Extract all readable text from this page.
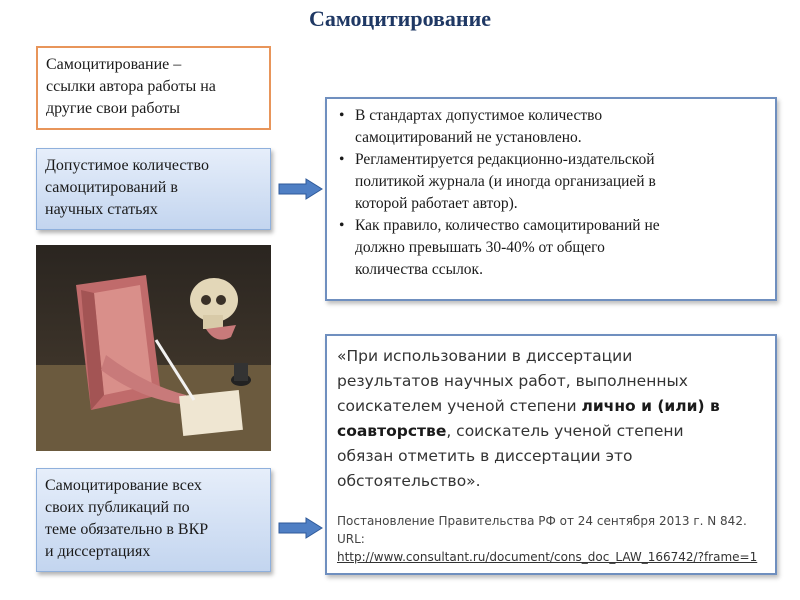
Самоцитирование
Самоцитирование –
ссылки автора работы на
другие свои работы
Допустимое количество
самоцитирований в
научных статьях
• В стандартах допустимое количество
самоцитирований не установлено.
• Регламентируется редакционно-издательской
политикой журнала (и иногда организацией в
которой работает автор).
• Как правило, количество самоцитирований не
должно превышать 30-40% от общего
количества ссылок.
«При использовании в диссертации
результатов научных работ, выполненных
соискателем ученой степени лично и (или) в
соавторстве, соискатель ученой степени
обязан отметить в диссертации это
обстоятельство».
Постановление Правительства РФ от 24 сентября 2013 г. N 842. URL:
http://www.consultant.ru/document/cons_doc_LAW_166742/?frame=1
Самоцитирование всех
своих публикаций по
теме обязательно в ВКР
и диссертациях
